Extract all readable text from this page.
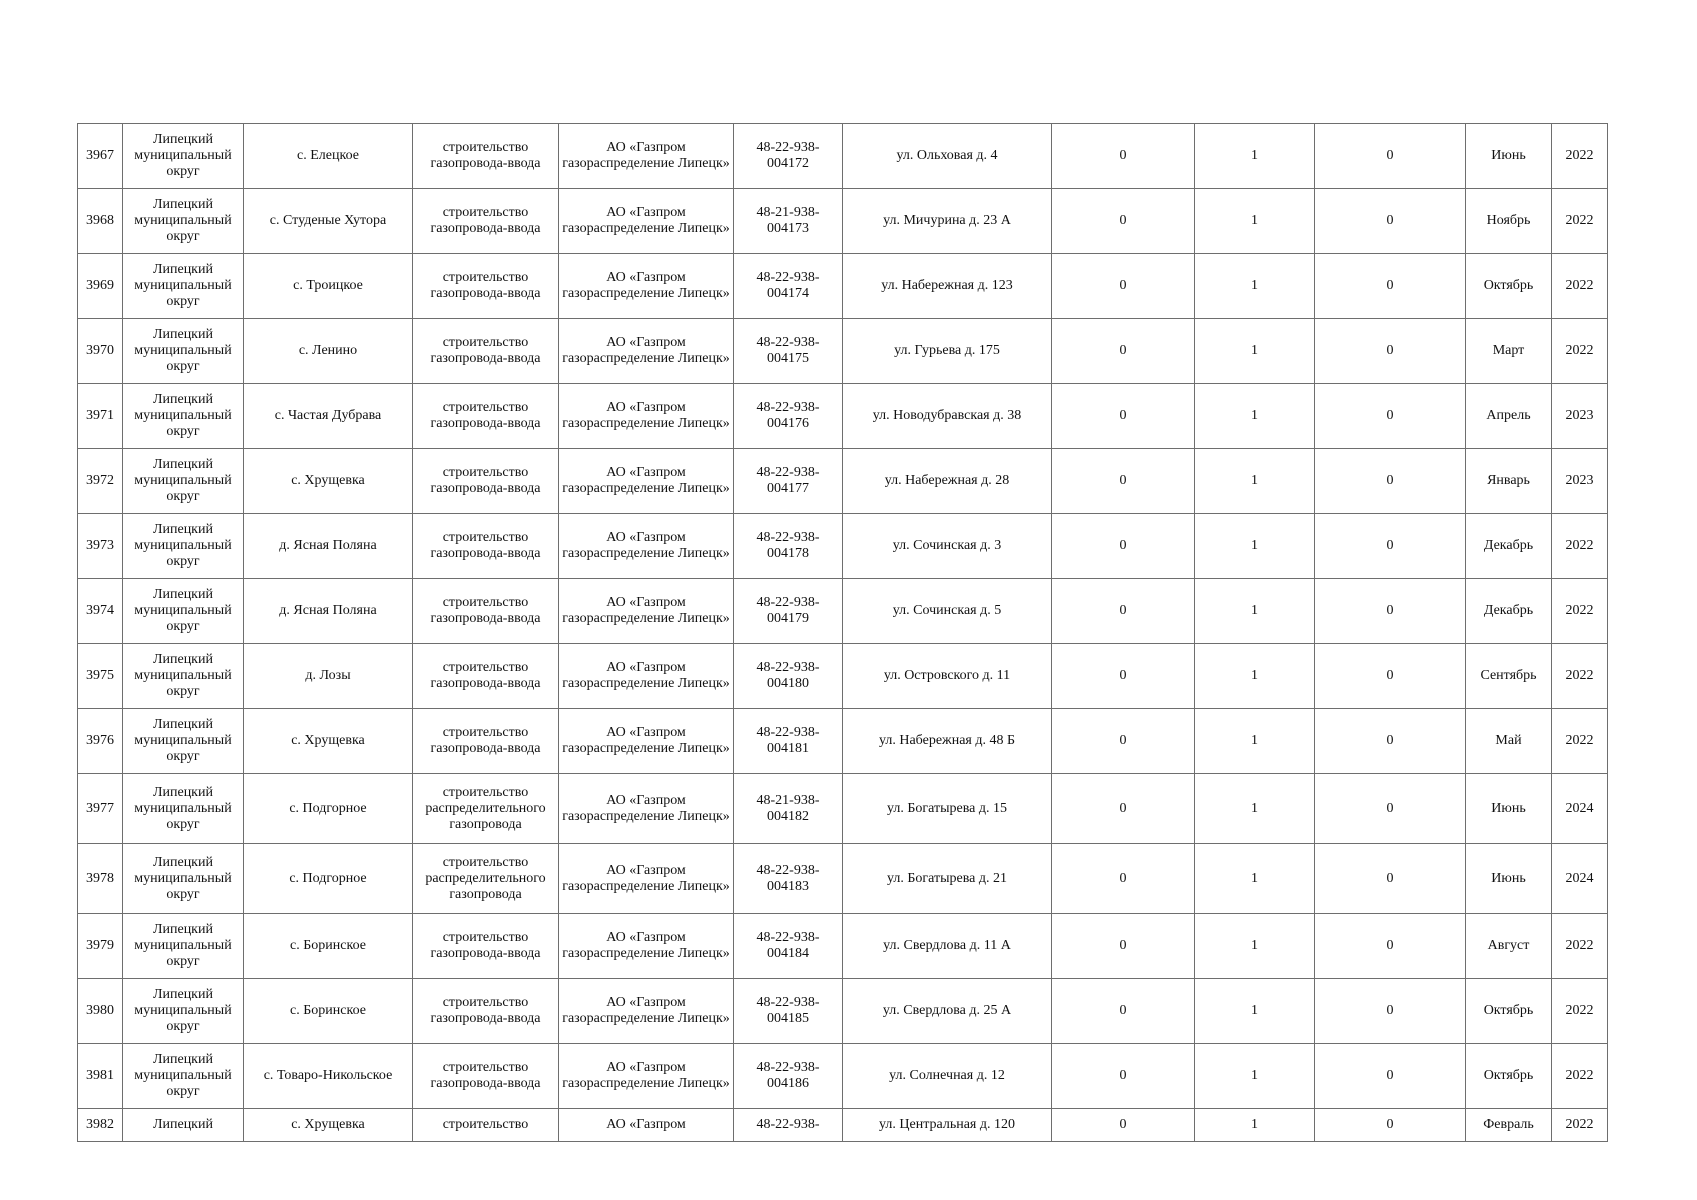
3967	Липецкий муниципальный округ	с. Елецкое	строительство газопровода-ввода	АО «Газпром газораспределение Липецк»	48-22-938-004172	ул. Ольховая д. 4	0	1	0	Июнь	2022
3968	Липецкий муниципальный округ	с. Студеные Хутора	строительство газопровода-ввода	АО «Газпром газораспределение Липецк»	48-21-938-004173	ул. Мичурина д. 23 А	0	1	0	Ноябрь	2022
3969	Липецкий муниципальный округ	с. Троицкое	строительство газопровода-ввода	АО «Газпром газораспределение Липецк»	48-22-938-004174	ул. Набережная д. 123	0	1	0	Октябрь	2022
3970	Липецкий муниципальный округ	с. Ленино	строительство газопровода-ввода	АО «Газпром газораспределение Липецк»	48-22-938-004175	ул. Гурьева д. 175	0	1	0	Март	2022
3971	Липецкий муниципальный округ	с. Частая Дубрава	строительство газопровода-ввода	АО «Газпром газораспределение Липецк»	48-22-938-004176	ул. Новодубравская д. 38	0	1	0	Апрель	2023
3972	Липецкий муниципальный округ	с. Хрущевка	строительство газопровода-ввода	АО «Газпром газораспределение Липецк»	48-22-938-004177	ул. Набережная д. 28	0	1	0	Январь	2023
3973	Липецкий муниципальный округ	д. Ясная Поляна	строительство газопровода-ввода	АО «Газпром газораспределение Липецк»	48-22-938-004178	ул. Сочинская д. 3	0	1	0	Декабрь	2022
3974	Липецкий муниципальный округ	д. Ясная Поляна	строительство газопровода-ввода	АО «Газпром газораспределение Липецк»	48-22-938-004179	ул. Сочинская д. 5	0	1	0	Декабрь	2022
3975	Липецкий муниципальный округ	д. Лозы	строительство газопровода-ввода	АО «Газпром газораспределение Липецк»	48-22-938-004180	ул. Островского д. 11	0	1	0	Сентябрь	2022
3976	Липецкий муниципальный округ	с. Хрущевка	строительство газопровода-ввода	АО «Газпром газораспределение Липецк»	48-22-938-004181	ул. Набережная д. 48 Б	0	1	0	Май	2022
3977	Липецкий муниципальный округ	с. Подгорное	строительство распределительного газопровода	АО «Газпром газораспределение Липецк»	48-21-938-004182	ул. Богатырева д. 15	0	1	0	Июнь	2024
3978	Липецкий муниципальный округ	с. Подгорное	строительство распределительного газопровода	АО «Газпром газораспределение Липецк»	48-22-938-004183	ул. Богатырева д. 21	0	1	0	Июнь	2024
3979	Липецкий муниципальный округ	с. Боринское	строительство газопровода-ввода	АО «Газпром газораспределение Липецк»	48-22-938-004184	ул. Свердлова д. 11 А	0	1	0	Август	2022
3980	Липецкий муниципальный округ	с. Боринское	строительство газопровода-ввода	АО «Газпром газораспределение Липецк»	48-22-938-004185	ул. Свердлова д. 25 А	0	1	0	Октябрь	2022
3981	Липецкий муниципальный округ	с. Товаро-Никольское	строительство газопровода-ввода	АО «Газпром газораспределение Липецк»	48-22-938-004186	ул. Солнечная д. 12	0	1	0	Октябрь	2022
3982	Липецкий	с. Хрущевка	строительство	АО «Газпром	48-22-938-	ул. Центральная д. 120	0	1	0	Февраль	2022
